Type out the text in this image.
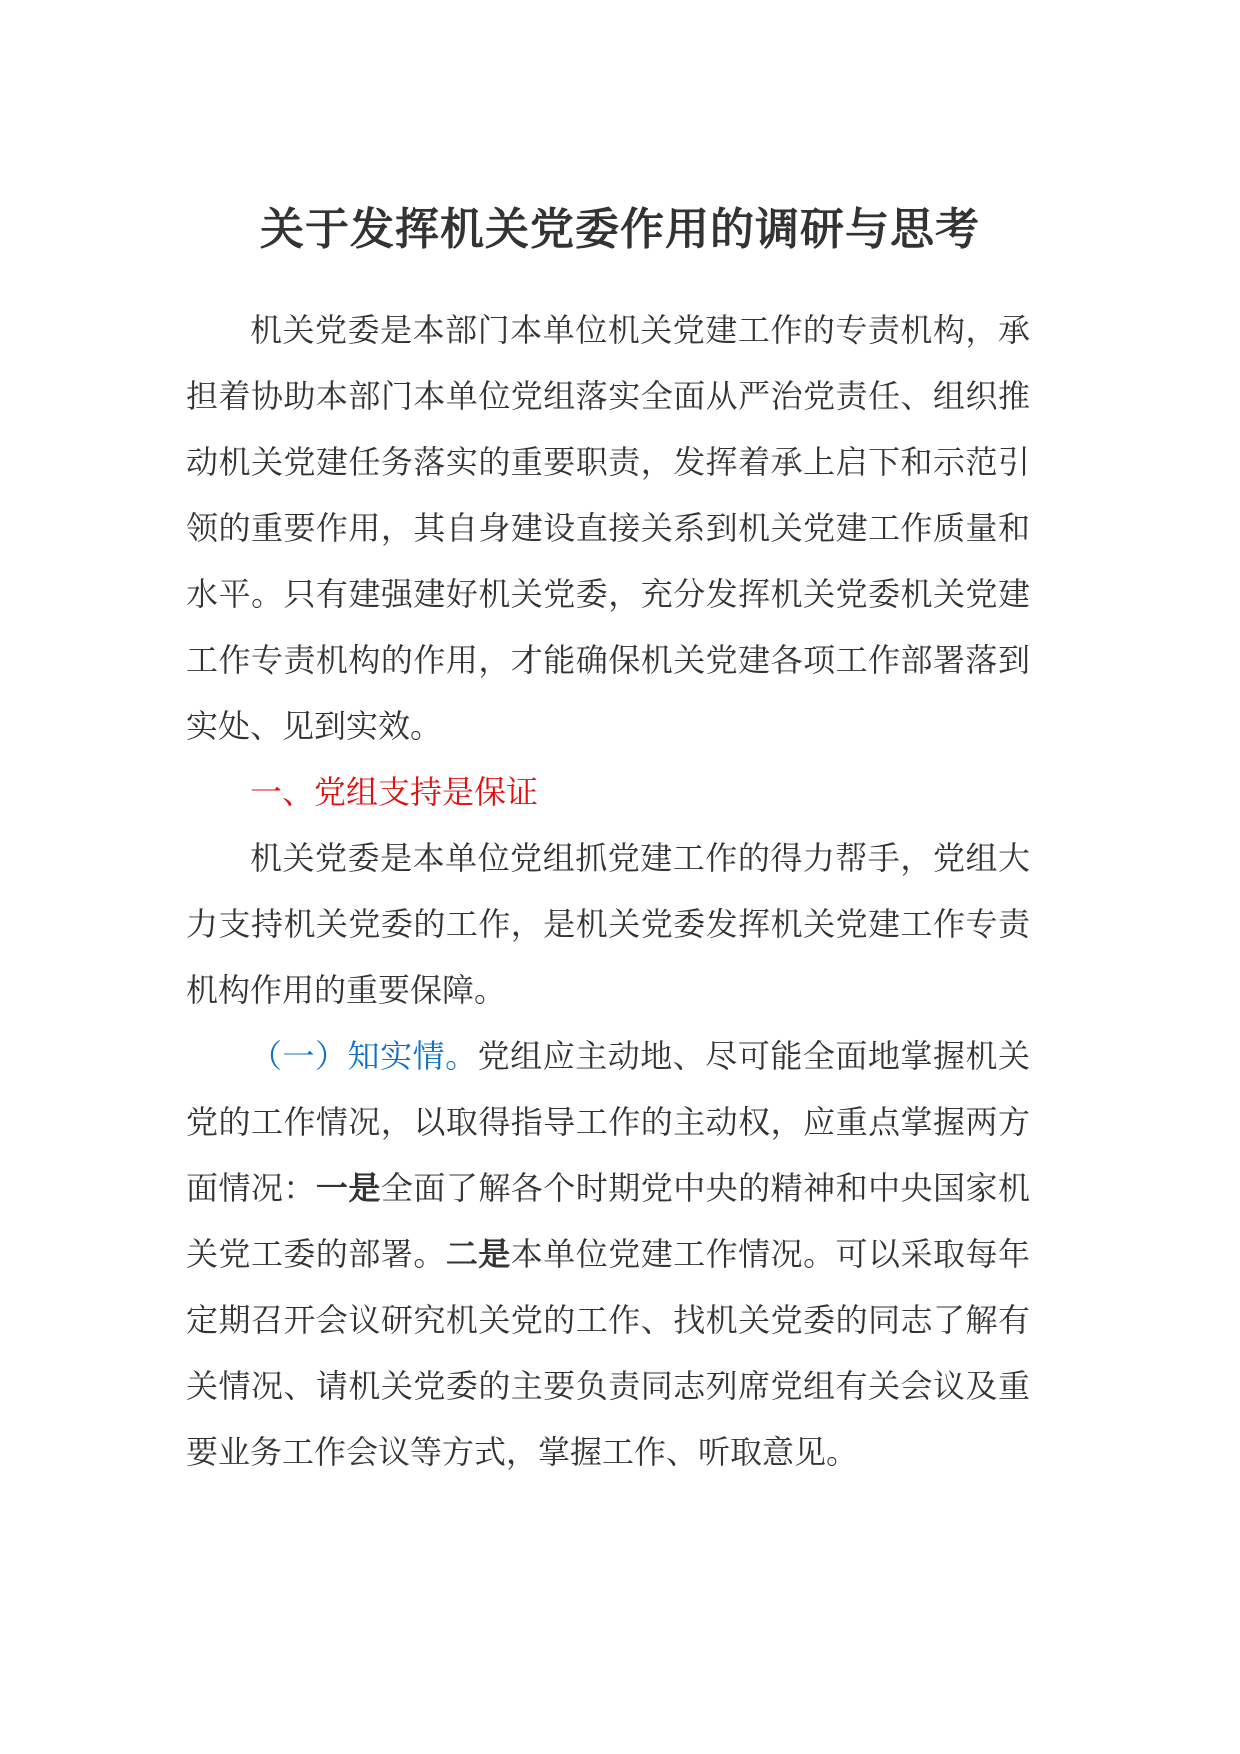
关于发挥机关党委作用的调研与思考

机关党委是本部门本单位机关党建工作的专责机构，承担着协助本部门本单位党组落实全面从严治党责任、组织推动机关党建任务落实的重要职责，发挥着承上启下和示范引领的重要作用，其自身建设直接关系到机关党建工作质量和水平。只有建强建好机关党委，充分发挥机关党委机关党建工作专责机构的作用，才能确保机关党建各项工作部署落到实处、见到实效。

一、党组支持是保证

机关党委是本单位党组抓党建工作的得力帮手，党组大力支持机关党委的工作，是机关党委发挥机关党建工作专责机构作用的重要保障。

（一）知实情。党组应主动地、尽可能全面地掌握机关党的工作情况，以取得指导工作的主动权，应重点掌握两方面情况：一是全面了解各个时期党中央的精神和中央国家机关党工委的部署。二是本单位党建工作情况。可以采取每年定期召开会议研究机关党的工作、找机关党委的同志了解有关情况、请机关党委的主要负责同志列席党组有关会议及重要业务工作会议等方式，掌握工作、听取意见。
